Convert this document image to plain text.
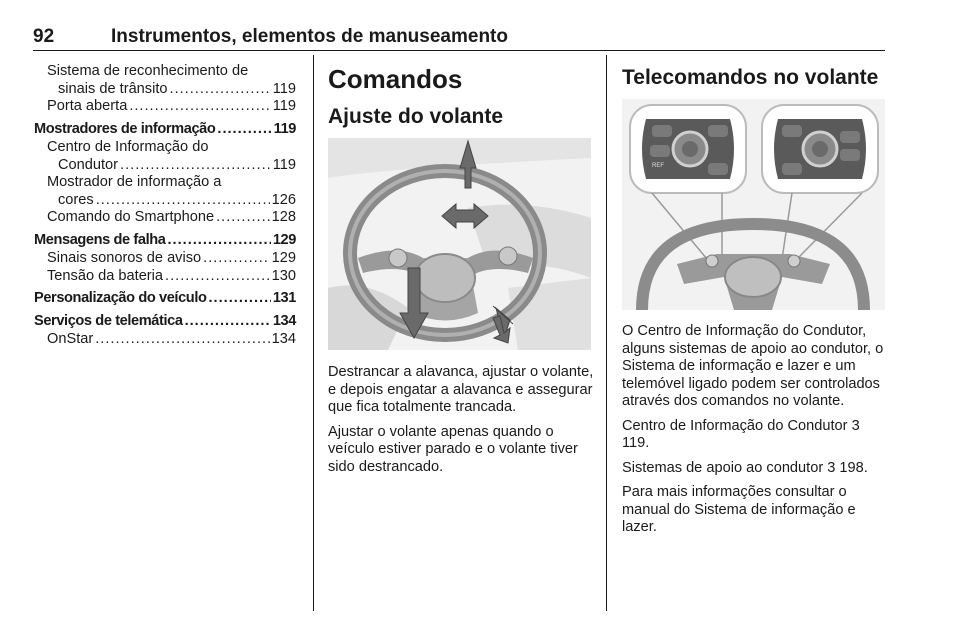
92	Instrumentos, elementos de manuseamento
Sistema de reconhecimento de
sinais de trânsito .....	119
Porta aberta .....	119
Mostradores de informação .....	119
Centro de Informação do
Condutor .....	119
Mostrador de informação a
cores .....	126
Comando do Smartphone .....	128
Mensagens de falha .....	129
Sinais sonoros de aviso .....	129
Tensão da bateria .....	130
Personalização do veículo .....	131
Serviços de telemática .....	134
OnStar .....	134
Comandos
Ajuste do volante

Destrancar a alavanca, ajustar o volante, e depois engatar a alavanca e assegurar que fica totalmente trancada.

Ajustar o volante apenas quando o veículo estiver parado e o volante tiver sido destrancado.

Telecomandos no volante
REF

O Centro de Informação do Condutor, alguns sistemas de apoio ao condutor, o Sistema de informação e lazer e um telemóvel ligado podem ser controlados através dos comandos no volante.

Centro de Informação do Condutor 3 119.

Sistemas de apoio ao condutor 3 198.

Para mais informações consultar o manual do Sistema de informação e lazer.
